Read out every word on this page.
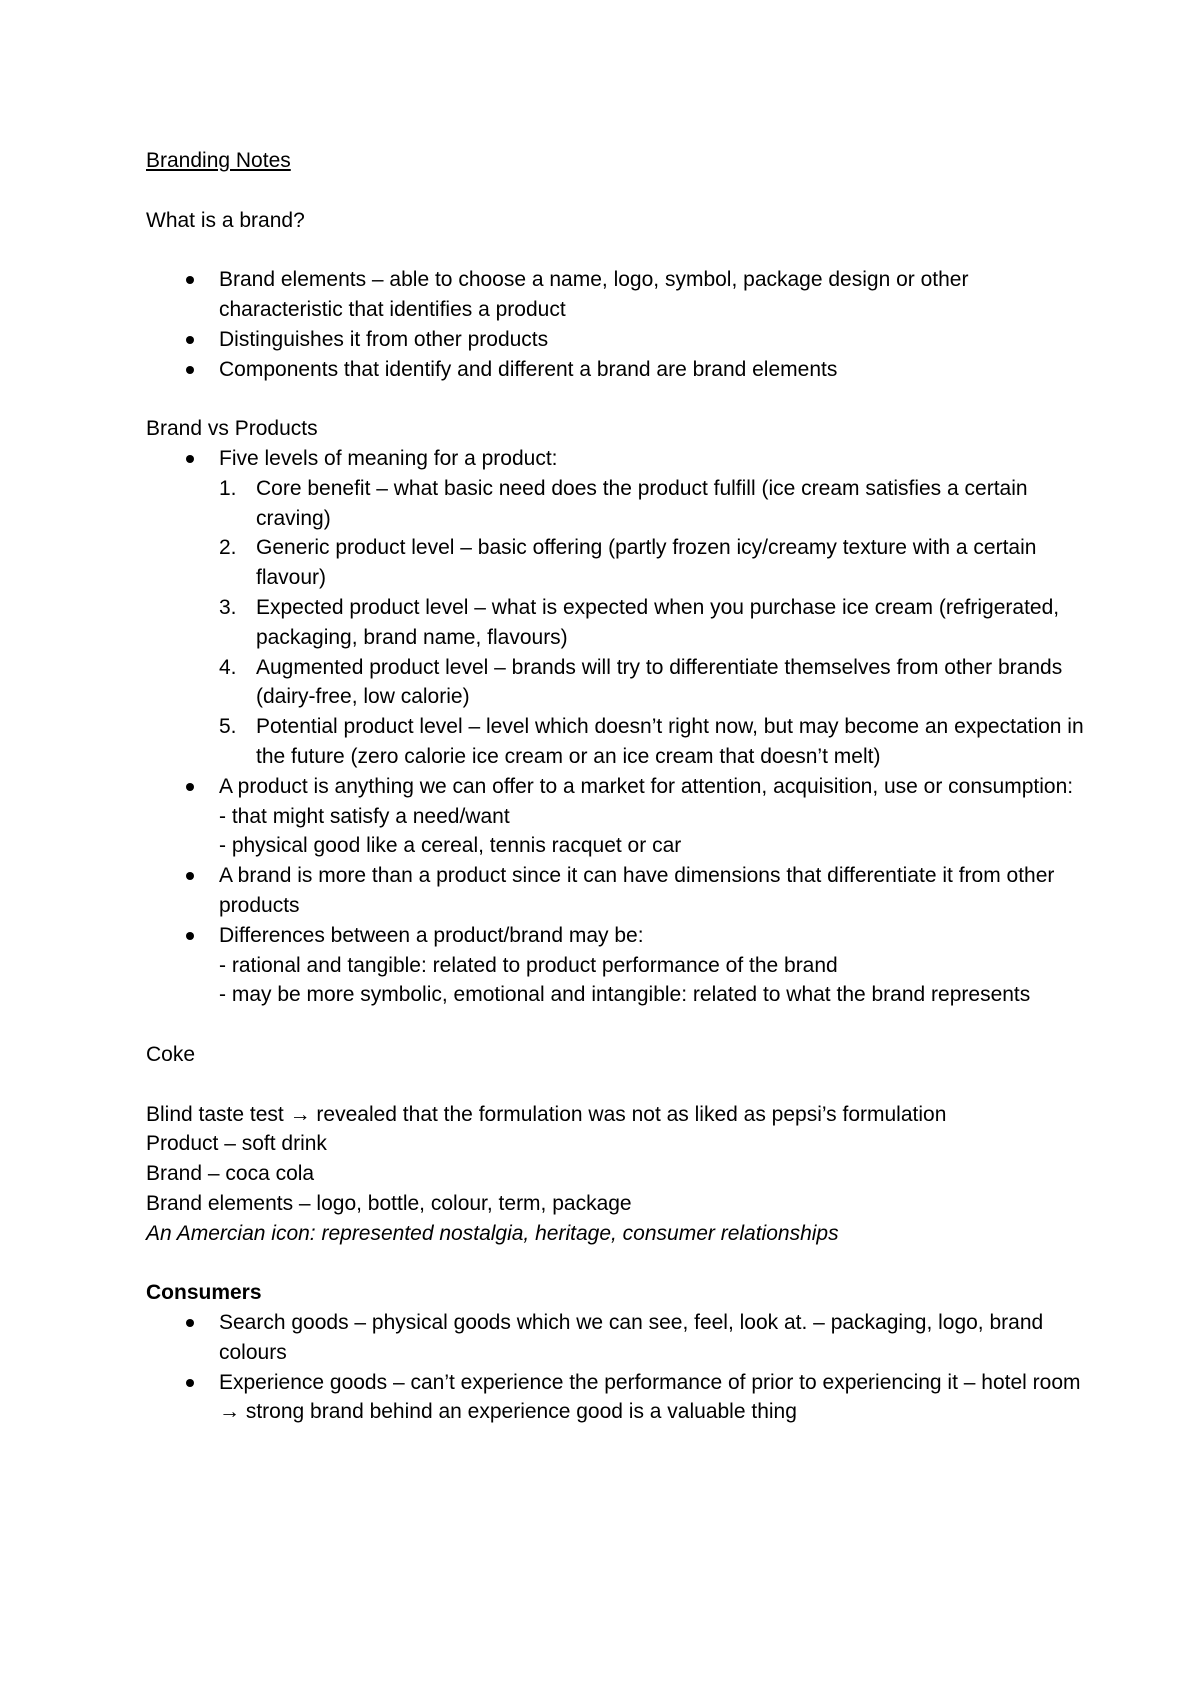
Branding Notes

What is a brand?

Brand elements – able to choose a name, logo, symbol, package design or other characteristic that identifies a product
Distinguishes it from other products
Components that identify and different a brand are brand elements

Brand vs Products

Five levels of meaning for a product:
1. Core benefit – what basic need does the product fulfill (ice cream satisfies a certain craving)
2. Generic product level – basic offering (partly frozen icy/creamy texture with a certain flavour)
3. Expected product level – what is expected when you purchase ice cream (refrigerated, packaging, brand name, flavours)
4. Augmented product level – brands will try to differentiate themselves from other brands (dairy-free, low calorie)
5. Potential product level – level which doesn’t right now, but may become an expectation in the future (zero calorie ice cream or an ice cream that doesn’t melt)
A product is anything we can offer to a market for attention, acquisition, use or consumption:
- that might satisfy a need/want
- physical good like a cereal, tennis racquet or car
A brand is more than a product since it can have dimensions that differentiate it from other products
Differences between a product/brand may be:
- rational and tangible: related to product performance of the brand
- may be more symbolic, emotional and intangible: related to what the brand represents

Coke

Blind taste test → revealed that the formulation was not as liked as pepsi’s formulation

Product – soft drink

Brand – coca cola

Brand elements – logo, bottle, colour, term, package

An Amercian icon: represented nostalgia, heritage, consumer relationships

Consumers

Search goods – physical goods which we can see, feel, look at. – packaging, logo, brand colours
Experience goods – can’t experience the performance of prior to experiencing it – hotel room → strong brand behind an experience good is a valuable thing
